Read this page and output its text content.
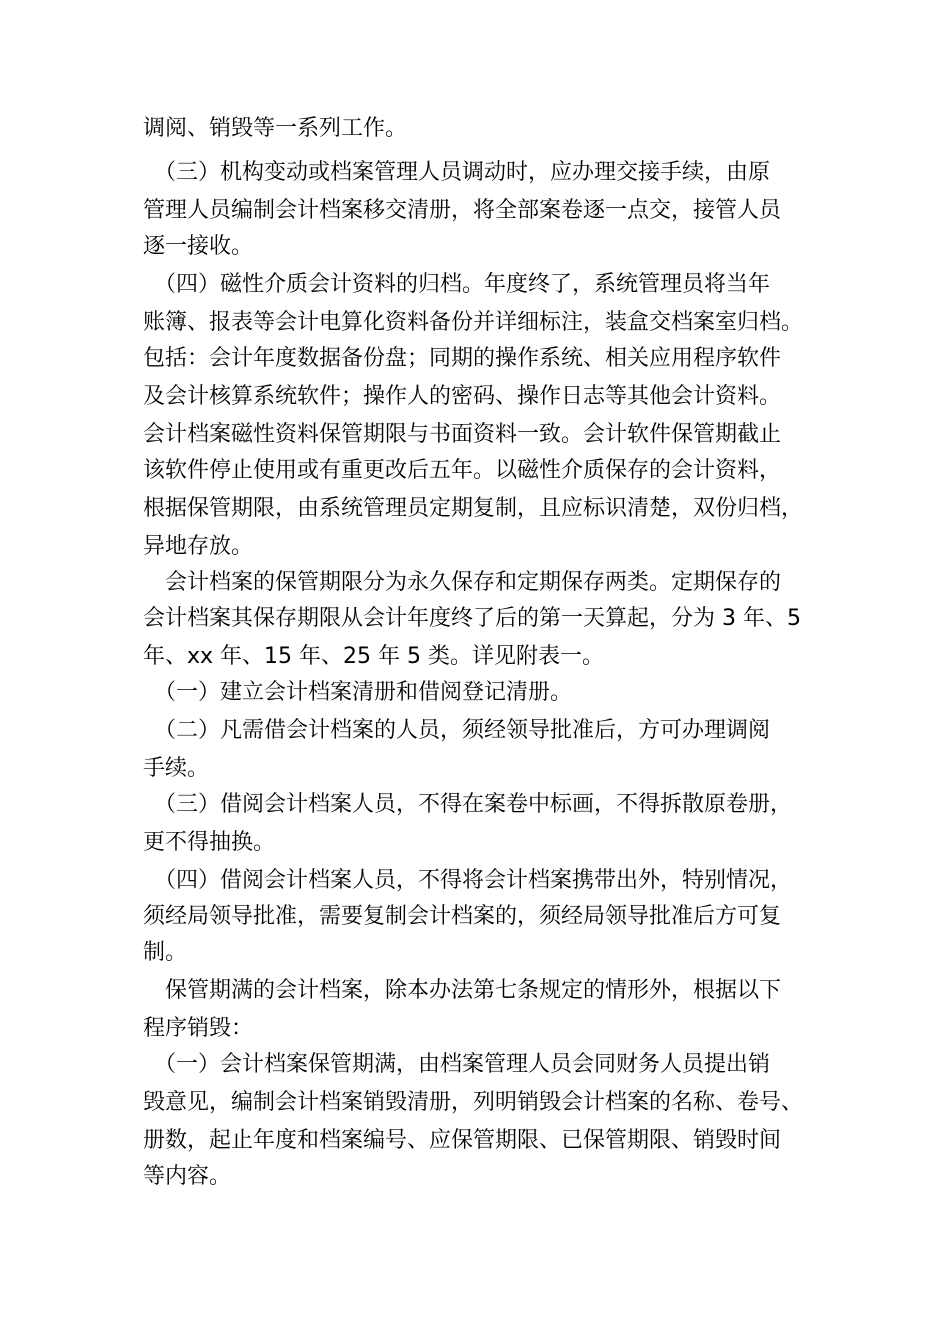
调阅、销毁等一系列工作。
　（三）机构变动或档案管理人员调动时，应办理交接手续，由原
管理人员编制会计档案移交清册，将全部案卷逐一点交，接管人员
逐一接收。
　（四）磁性介质会计资料的归档。年度终了，系统管理员将当年
账簿、报表等会计电算化资料备份并详细标注，装盒交档案室归档。
包括：会计年度数据备份盘；同期的操作系统、相关应用程序软件
及会计核算系统软件；操作人的密码、操作日志等其他会计资料。
会计档案磁性资料保管期限与书面资料一致。会计软件保管期截止
该软件停止使用或有重更改后五年。以磁性介质保存的会计资料，
根据保管期限，由系统管理员定期复制，且应标识清楚，双份归档，
异地存放。
　会计档案的保管期限分为永久保存和定期保存两类。定期保存的
会计档案其保存期限从会计年度终了后的第一天算起，分为 3 年、5
年、xx 年、15 年、25 年 5 类。详见附表一。
　（一）建立会计档案清册和借阅登记清册。
　（二）凡需借会计档案的人员，须经领导批准后，方可办理调阅
手续。
　（三）借阅会计档案人员，不得在案卷中标画，不得拆散原卷册，
更不得抽换。
　（四）借阅会计档案人员，不得将会计档案携带出外，特别情况，
须经局领导批准，需要复制会计档案的，须经局领导批准后方可复
制。
　保管期满的会计档案，除本办法第七条规定的情形外，根据以下
程序销毁：
　（一）会计档案保管期满，由档案管理人员会同财务人员提出销
毁意见，编制会计档案销毁清册，列明销毁会计档案的名称、卷号、
册数，起止年度和档案编号、应保管期限、已保管期限、销毁时间
等内容。
